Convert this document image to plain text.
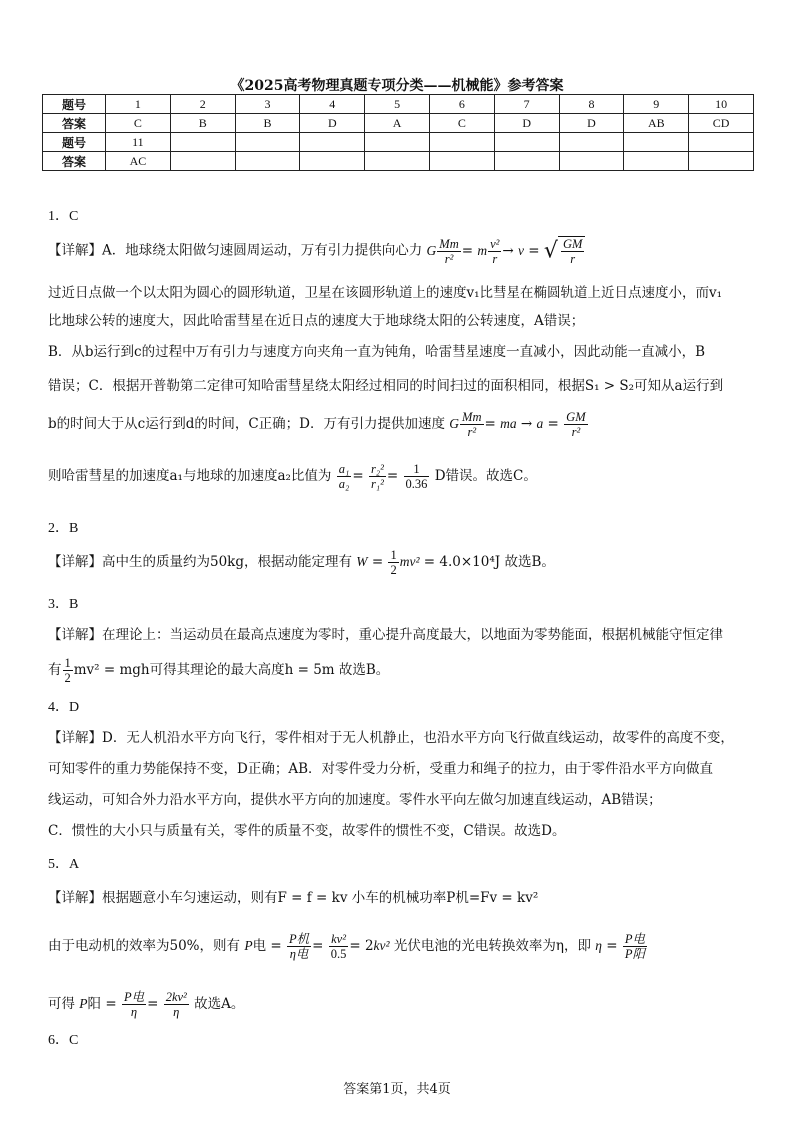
《2025高考物理真题专项分类——机械能》参考答案
题号	1	2	3	4	5	6	7	8	9	10
答案	C	B	B	D	A	C	D	D	AB	CD
题号	11									
答案	AC									
1．C
【详解】A．地球绕太阳做匀速圆周运动，万有引力提供向心力 G $\frac{Mm}{\text{r²}} = m \frac{\text{v²}}{r} \to v$ = √ $\frac{GM}{r}$
过近日点做一个以太阳为圆心的圆形轨道，卫星在该圆形轨道上的速度v₁比彗星在椭圆轨道上近日点速度小，而v₁
比地球公转的速度大，因此哈雷彗星在近日点的速度大于地球绕太阳的公转速度，A错误；
B．从b运行到c的过程中万有引力与速度方向夹角一直为钝角，哈雷彗星速度一直减小，因此动能一直减小，B
错误；C．根据开普勒第二定律可知哈雷彗星绕太阳经过相同的时间扫过的面积相同，根据S₁ > S₂可知从a运行到
b的时间大于从c运行到d的时间，C正确；D．万有引力提供加速度 G $\frac{Mm}{\text{r²}}$ = ma → $a = \frac{GM}{\text{r²}}$
则哈雷彗星的加速度a₁与地球的加速度a₂比值为 $\frac{\text{a₁}}{\text{a₂}} = \frac{\text{r₂²}}{\text{r₁²}} = \frac{1}{0.36}$ D错误。故选C。
2．B
【详解】高中生的质量约为50kg，根据动能定理有 $W = \frac{1}{2} mv^2 = 4.0\times 10^4J$ 故选B。
3．B
【详解】在理论上：当运动员在最高点速度为零时，重心提升高度最大，以地面为零势能面，根据机械能守恒定律
有 $\frac{1}{2} mv^2$ = mgh可得其理论的最大高度h = 5m 故选B。
4．D
【详解】D．无人机沿水平方向飞行，零件相对于无人机静止，也沿水平方向飞行做直线运动，故零件的高度不变，
可知零件的重力势能保持不变，D正确；AB．对零件受力分析，受重力和绳子的拉力，由于零件沿水平方向做直
线运动，可知合外力沿水平方向，提供水平方向的加速度。零件水平向左做匀加速直线运动，AB错误；
C．惯性的大小只与质量有关，零件的质量不变，故零件的惯性不变，C错误。故选D。
5．A
【详解】根据题意小车匀速运动，则有F = f = kv 小车的机械功率P机=Fv = kv²
由于电动机的效率为50%，则有 P电 = $\frac{\text{P机}}{\text{η电}} = \frac{\text{kv²}}{0.5} = 2kv^2$ 光伏电池的光电转换效率为η，即 $\eta = \frac{\text{P电}}{\text{P阳}}$
可得 P阳 = $\frac{\text{P电}}{\eta} = \frac{\text{2kv²}}{\eta}$ 故选A。
6．C
答案第1页，共4页
